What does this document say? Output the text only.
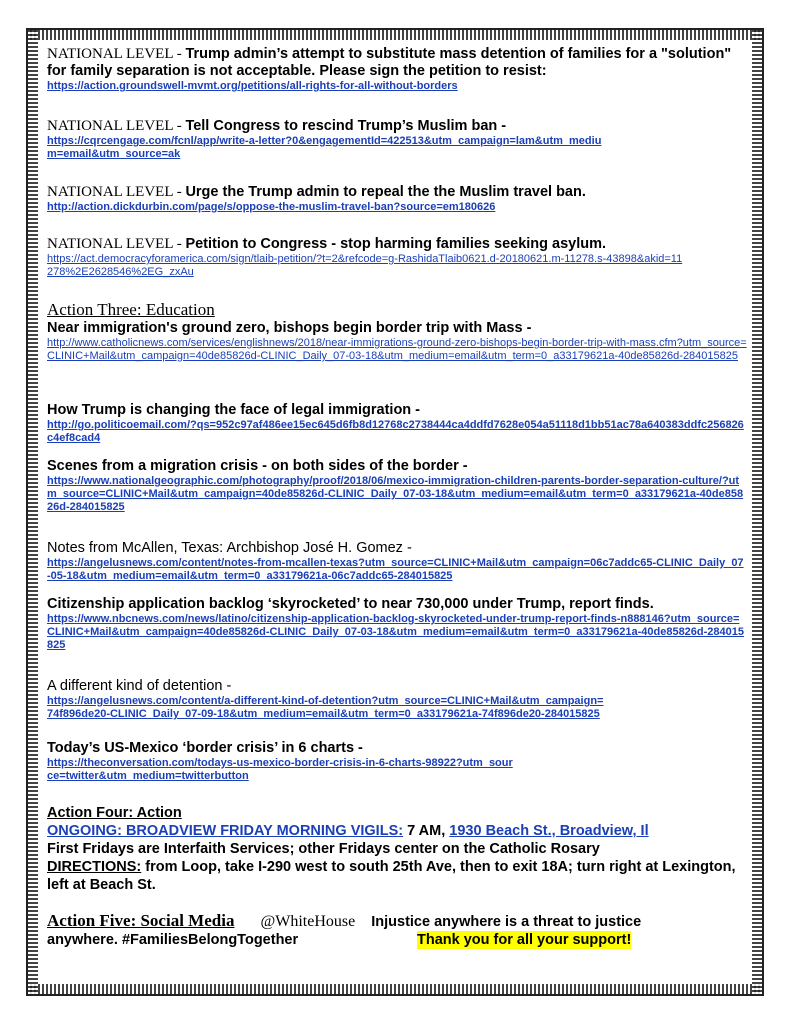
NATIONAL LEVEL - Trump admin’s attempt to substitute mass detention of families for a "solution" for family separation is not acceptable. Please sign the petition to resist:
https://action.groundswell-mvmt.org/petitions/all-rights-for-all-without-borders
NATIONAL LEVEL - Tell Congress to rescind Trump’s Muslim ban -
https://cqrcengage.com/fcnl/app/write-a-letter?0&engagementId=422513&utm_campaign=lam&utm_medium=email&utm_source=ak
NATIONAL LEVEL - Urge the Trump admin to repeal the the Muslim travel ban.
http://action.dickdurbin.com/page/s/oppose-the-muslim-travel-ban?source=em180626
NATIONAL LEVEL - Petition to Congress - stop harming families seeking asylum.
https://act.democracyforamerica.com/sign/tlaib-petition/?t=2&refcode=g-RashidaTlaib0621.d-20180621.m-11278.s-43898&akid=11278%2E2628546%2EG_zxAu
Action Three: Education
Near immigration's ground zero, bishops begin border trip with Mass -
http://www.catholicnews.com/services/englishnews/2018/near-immigrations-ground-zero-bishops-begin-border-trip-with-mass.cfm?utm_source=CLINIC+Mail&utm_campaign=40de85826d-CLINIC_Daily_07-03-18&utm_medium=email&utm_term=0_a33179621a-40de85826d-284015825
How Trump is changing the face of legal immigration -
http://go.politicoemail.com/?qs=952c97af486ee15ec645d6fb8d12768c2738444ca4ddfd7628e054a51118d1bb51ac78a640383ddfc256826c4ef8cad4
Scenes from a migration crisis - on both sides of the border -
https://www.nationalgeographic.com/photography/proof/2018/06/mexico-immigration-children-parents-border-separation-culture/?utm_source=CLINIC+Mail&utm_campaign=40de85826d-CLINIC_Daily_07-03-18&utm_medium=email&utm_term=0_a33179621a-40de85826d-284015825
Notes from McAllen, Texas: Archbishop José H. Gomez -
https://angelusnews.com/content/notes-from-mcallen-texas?utm_source=CLINIC+Mail&utm_campaign=06c7addc65-CLINIC_Daily_07-05-18&utm_medium=email&utm_term=0_a33179621a-06c7addc65-284015825
Citizenship application backlog ‘skyrocketed’ to near 730,000 under Trump, report finds.
https://www.nbcnews.com/news/latino/citizenship-application-backlog-skyrocketed-under-trump-report-finds-n888146?utm_source=CLINIC+Mail&utm_campaign=40de85826d-CLINIC_Daily_07-03-18&utm_medium=email&utm_term=0_a33179621a-40de85826d-284015825
A different kind of detention -
https://angelusnews.com/content/a-different-kind-of-detention?utm_source=CLINIC+Mail&utm_campaign=74f896de20-CLINIC_Daily_07-09-18&utm_medium=email&utm_term=0_a33179621a-74f896de20-284015825
Today’s US-Mexico ‘border crisis’ in 6 charts -
https://theconversation.com/todays-us-mexico-border-crisis-in-6-charts-98922?utm_source=twitter&utm_medium=twitterbutton
Action Four: Action
ONGOING: BROADVIEW FRIDAY MORNING VIGILS: 7 AM, 1930 Beach St., Broadview, Il
First Fridays are Interfaith Services; other Fridays center on the Catholic Rosary
DIRECTIONS: from Loop, take I-290 west to south 25th Ave, then to exit 18A; turn right at Lexington, left at Beach St.
Action Five: Social Media @WhiteHouse Injustice anywhere is a threat to justice
anywhere. #FamiliesBelongTogether	Thank you for all your support!
